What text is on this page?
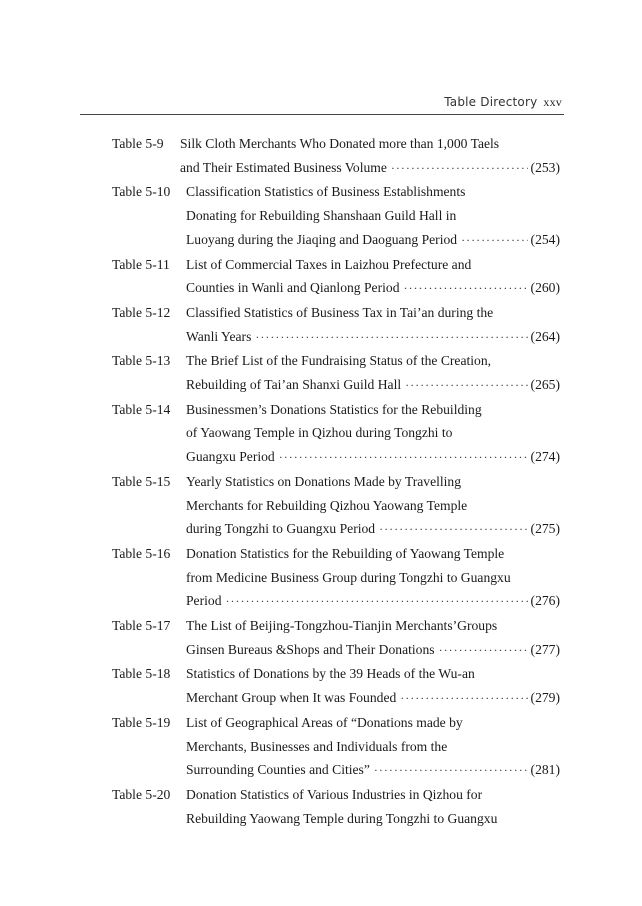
Table Directory xxv
Table 5-9	Silk Cloth Merchants Who Donated more than 1,000 Taels
and Their Estimated Business Volume ·····	(253)
Table 5-10	Classification Statistics of Business Establishments
Donating for Rebuilding Shanshaan Guild Hall in
Luoyang during the Jiaqing and Daoguang Period ·····	(254)
Table 5-11	List of Commercial Taxes in Laizhou Prefecture and
Counties in Wanli and Qianlong Period ·····	(260)
Table 5-12	Classified Statistics of Business Tax in Tai’an during the
Wanli Years ·····	(264)
Table 5-13	The Brief List of the Fundraising Status of the Creation,
Rebuilding of Tai’an Shanxi Guild Hall ·····	(265)
Table 5-14	Businessmen’s Donations Statistics for the Rebuilding
of Yaowang Temple in Qizhou during Tongzhi to
Guangxu Period ·····	(274)
Table 5-15	Yearly Statistics on Donations Made by Travelling
Merchants for Rebuilding Qizhou Yaowang Temple
during Tongzhi to Guangxu Period ·····	(275)
Table 5-16	Donation Statistics for the Rebuilding of Yaowang Temple
from Medicine Business Group during Tongzhi to Guangxu
Period ·····	(276)
Table 5-17	The List of Beijing-Tongzhou-Tianjin Merchants’Groups
Ginsen Bureaus &Shops and Their Donations ·····	(277)
Table 5-18	Statistics of Donations by the 39 Heads of the Wu-an
Merchant Group when It was Founded ·····	(279)
Table 5-19	List of Geographical Areas of “Donations made by
Merchants, Businesses and Individuals from the
Surrounding Counties and Cities” ·····	(281)
Table 5-20	Donation Statistics of Various Industries in Qizhou for
Rebuilding Yaowang Temple during Tongzhi to Guangxu
